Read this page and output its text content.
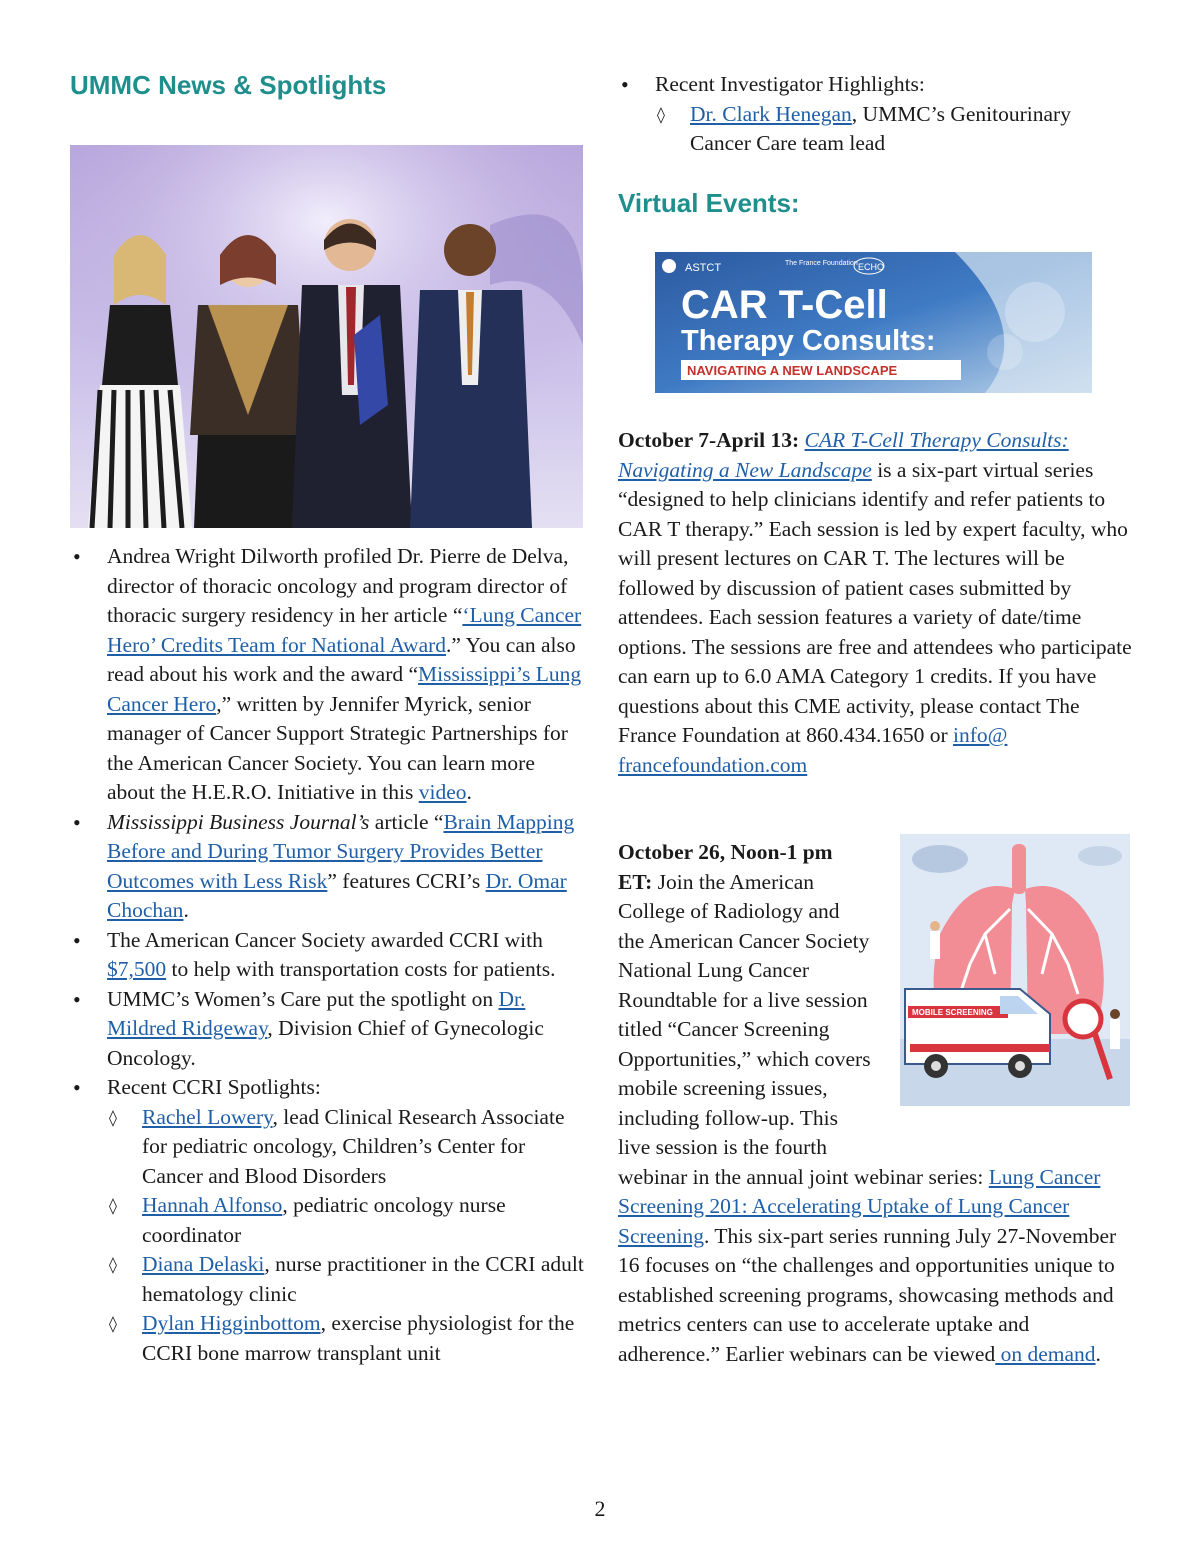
UMMC News & Spotlights
• Andrea Wright Dilworth profiled Dr. Pierre de Delva, director of thoracic oncology and program director of thoracic surgery residency in her article “‘Lung Cancer Hero’ Credits Team for National Award.” You can also read about his work and the award “Mississippi’s Lung Cancer Hero,” written by Jennifer Myrick, senior manager of Cancer Support Strategic Partnerships for the American Cancer Society. You can learn more about the H.E.R.O. Initiative in this video.
• Mississippi Business Journal’s article “Brain Mapping Before and During Tumor Surgery Provides Better Outcomes with Less Risk” features CCRI’s Dr. Omar Chochan.
• The American Cancer Society awarded CCRI with $7,500 to help with transportation costs for patients.
• UMMC’s Women’s Care put the spotlight on Dr. Mildred Ridgeway, Division Chief of Gynecologic Oncology.
• Recent CCRI Spotlights:
◊ Rachel Lowery, lead Clinical Research Associate for pediatric oncology, Children’s Center for Cancer and Blood Disorders
◊ Hannah Alfonso, pediatric oncology nurse coordinator
◊ Diana Delaski, nurse practitioner in the CCRI adult hematology clinic
◊ Dylan Higginbottom, exercise physiologist for the CCRI bone marrow transplant unit
• Recent Investigator Highlights:
◊ Dr. Clark Henegan, UMMC’s Genitourinary Cancer Care team lead
Virtual Events:
ASTCT	The France Foundation ECHO
CAR T-Cell
Therapy Consults:
NAVIGATING A NEW LANDSCAPE
October 7-April 13: CAR T-Cell Therapy Consults: Navigating a New Landscape is a six-part virtual series “designed to help clinicians identify and refer patients to CAR T therapy.” Each session is led by expert faculty, who will present lectures on CAR T. The lectures will be followed by discussion of patient cases submitted by attendees. Each session features a variety of date/time options. The sessions are free and attendees who participate can earn up to 6.0 AMA Category 1 credits. If you have questions about this CME activity, please contact The France Foundation at 860.434.1650 or info@ francefoundation.com
MOBILE SCREENING
October 26, Noon-1 pm ET: Join the American College of Radiology and the American Cancer Society National Lung Cancer Roundtable for a live session titled “Cancer Screening Opportunities,” which covers mobile screening issues, including follow-up. This live session is the fourth webinar in the annual joint webinar series: Lung Cancer Screening 201: Accelerating Uptake of Lung Cancer Screening. This six-part series running July 27-November 16 focuses on “the challenges and opportunities unique to established screening programs, showcasing methods and metrics centers can use to accelerate uptake and adherence.” Earlier webinars can be viewed on demand.
2
